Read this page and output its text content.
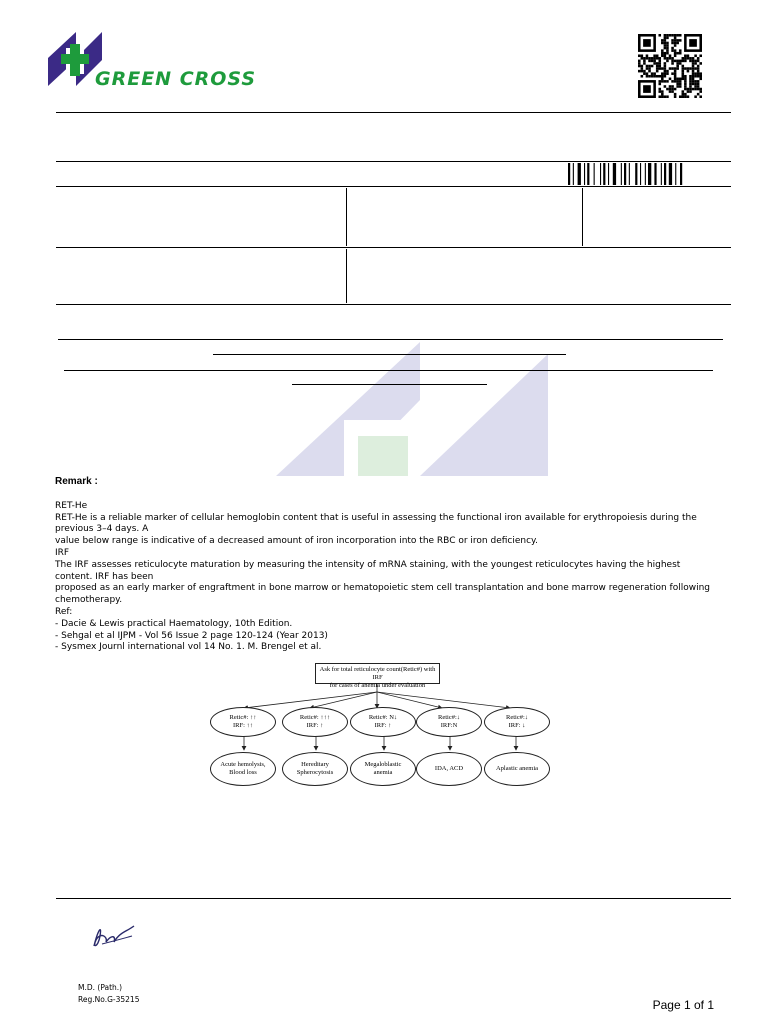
GREEN CROSS
Remark :

RET-He

RET-He is a reliable marker of cellular hemoglobin content that is useful in assessing the functional iron available for erythropoiesis during the previous 3–4 days. A

value below range is indicative of a decreased amount of iron incorporation into the RBC or iron deficiency.

IRF

The IRF assesses reticulocyte maturation by measuring the intensity of mRNA staining, with the youngest reticulocytes having the highest content. IRF has been

proposed as an early marker of engraftment in bone marrow or hematopoietic stem cell transplantation and bone marrow regeneration following chemotherapy.

Ref:

- Dacie & Lewis practical Haematology, 10th Edition.

- Sehgal et al IJPM - Vol 56 Issue 2 page 120-124 (Year 2013)

- Sysmex Journl international vol 14 No. 1. M. Brengel et al.

Ask for total reticulocyte count(Retic#) with IRF
for cases of anemia under evaluation
Retic#: ↑↑
IRF: ↑↑
Retic#: ↑↑↑
IRF: ↑
Retic#: N↓
IRF: ↑
Retic#:↓
IRF:N
Retic#:↓
IRF: ↓
Acute hemolysis,
Blood loss
Hereditary
Spherocytosis
Megaloblastic
anemia
IDA, ACD	Aplastic anemia
M.D. (Path.)
Reg.No.G-35215	Page 1 of 1
